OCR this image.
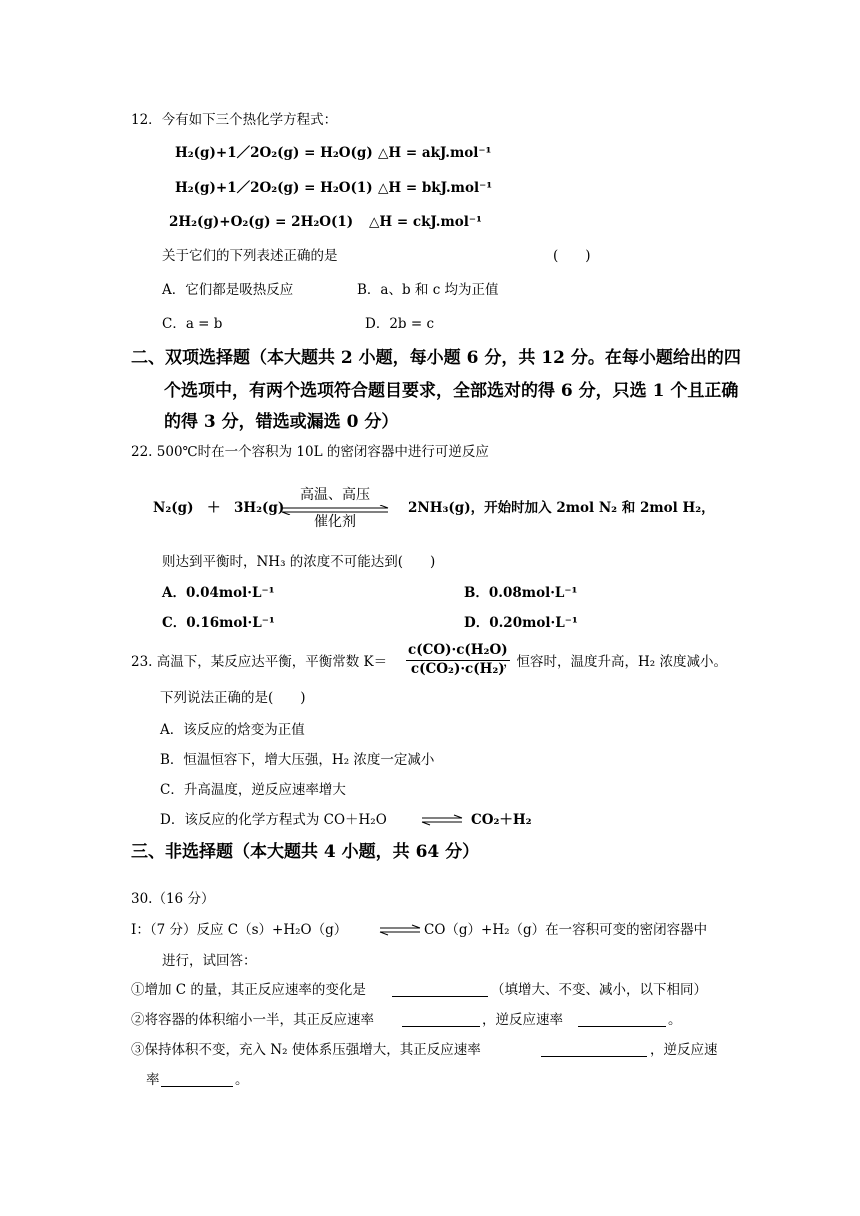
12．今有如下三个热化学方程式：
H₂(g)+1／2O₂(g) = H₂O(g) △H = akJ.mol⁻¹
H₂(g)+1／2O₂(g) = H₂O(1) △H = bkJ.mol⁻¹
2H₂(g)+O₂(g) = 2H₂O(1) △H = ckJ.mol⁻¹
关于它们的下列表述正确的是	(　　)
A．它们都是吸热反应	B．a、b 和 c 均为正值
C．a = b	D．2b = c
二、双项选择题（本大题共 2 小题，每小题 6 分，共 12 分。在每小题给出的四
个选项中，有两个选项符合题目要求，全部选对的得 6 分，只选 1 个且正确
的得 3 分，错选或漏选 0 分）
22. 500℃时在一个容积为 10L 的密闭容器中进行可逆反应
N₂(g)　＋　3H₂(g)
高温、高压
催化剂
2NH₃(g)，开始时加入 2mol N₂ 和 2mol H₂，
则达到平衡时，NH₃ 的浓度不可能达到(　　)
A．0.04mol·L⁻¹	B．0.08mol·L⁻¹
C．0.16mol·L⁻¹	D．0.20mol·L⁻¹
23. 高温下，某反应达平衡，平衡常数 $K= \frac{\text{c(CO)·c(H₂O)}}{\text{c(CO₂)·c(H₂)}}$
，恒容时，温度升高，H₂ 浓度减小。
下列说法正确的是(　　)
A．该反应的焓变为正值
B．恒温恒容下，增大压强，H₂ 浓度一定减小
C．升高温度，逆反应速率增大
D．该反应的化学方程式为 CO＋H₂O ⇌ CO₂＋H₂
三、非选择题（本大题共 4 小题，共 64 分）
30.（16 分）
Ⅰ：（7 分）反应 C（s）+H₂O（g） ⇌ CO（g）+H₂（g）在一容积可变的密闭容器中
进行，试回答：
①增加 C 的量，其正反应速率的变化是	（填增大、不变、减小，以下相同）
②将容器的体积缩小一半，其正反应速率	，逆反应速率	。
③保持体积不变，充入 N₂ 使体系压强增大，其正反应速率	，逆反应速
率	。
